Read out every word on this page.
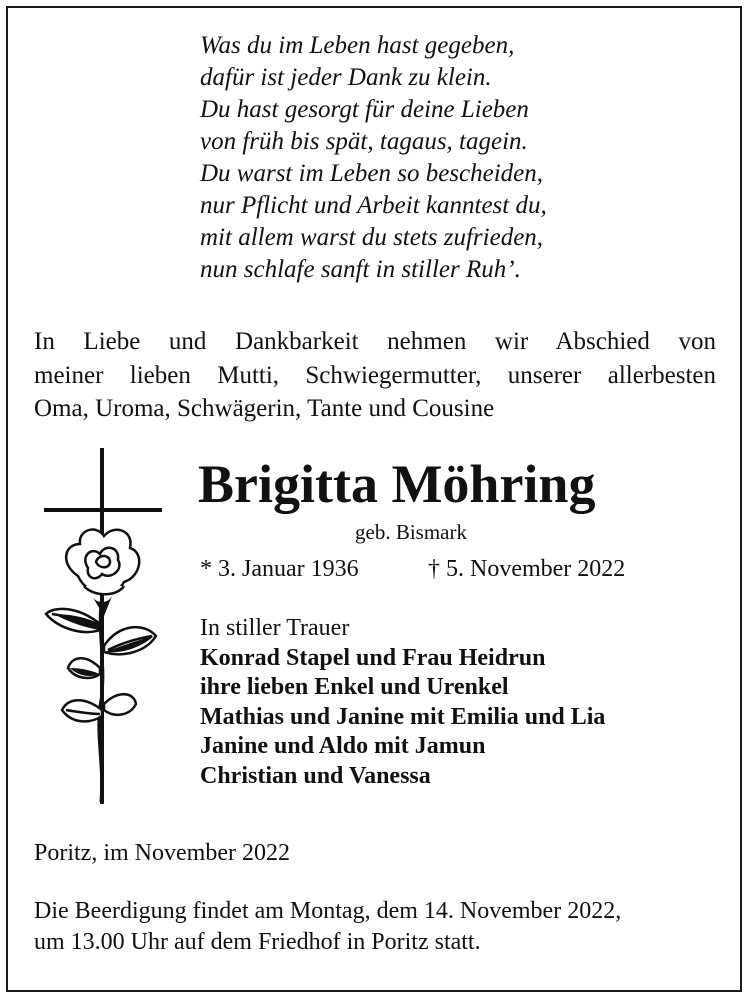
Was du im Leben hast gegeben,
dafür ist jeder Dank zu klein.
Du hast gesorgt für deine Lieben
von früh bis spät, tagaus, tagein.
Du warst im Leben so bescheiden,
nur Pflicht und Arbeit kanntest du,
mit allem warst du stets zufrieden,
nun schlafe sanft in stiller Ruh’.
In Liebe und Dankbarkeit nehmen wir Abschied von
meiner lieben Mutti, Schwiegermutter, unserer allerbesten
Oma, Uroma, Schwägerin, Tante und Cousine
Brigitta Möhring
geb. Bismark
* 3. Januar 1936	† 5. November 2022
In stiller Trauer
Konrad Stapel und Frau Heidrun
ihre lieben Enkel und Urenkel
Mathias und Janine mit Emilia und Lia
Janine und Aldo mit Jamun
Christian und Vanessa
Poritz, im November 2022
Die Beerdigung findet am Montag, dem 14. November 2022,
um 13.00 Uhr auf dem Friedhof in Poritz statt.
